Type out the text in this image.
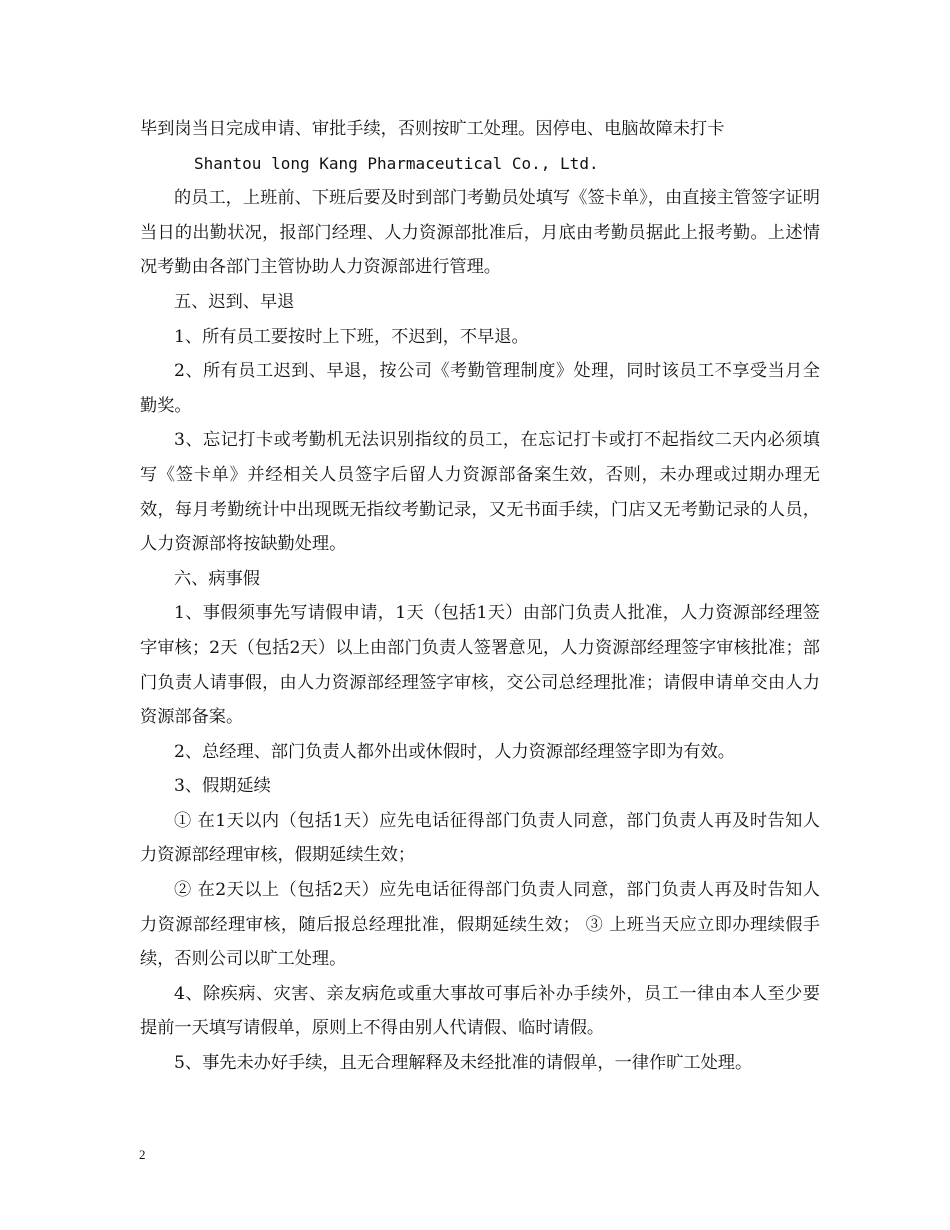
毕到岗当日完成申请、审批手续，否则按旷工处理。因停电、电脑故障未打卡

Shantou long Kang Pharmaceutical Co., Ltd.

的员工，上班前、下班后要及时到部门考勤员处填写《签卡单》，由直接主管签字证明当日的出勤状况，报部门经理、人力资源部批准后，月底由考勤员据此上报考勤。上述情况考勤由各部门主管协助人力资源部进行管理。

五、迟到、早退

1、所有员工要按时上下班，不迟到，不早退。

2、所有员工迟到、早退，按公司《考勤管理制度》处理，同时该员工不享受当月全勤奖。

3、忘记打卡或考勤机无法识别指纹的员工，在忘记打卡或打不起指纹二天内必须填写《签卡单》并经相关人员签字后留人力资源部备案生效，否则，未办理或过期办理无效，每月考勤统计中出现既无指纹考勤记录，又无书面手续，门店又无考勤记录的人员，人力资源部将按缺勤处理。

六、病事假

1、事假须事先写请假申请，1天（包括1天）由部门负责人批准，人力资源部经理签字审核；2天（包括2天）以上由部门负责人签署意见，人力资源部经理签字审核批准；部门负责人请事假，由人力资源部经理签字审核，交公司总经理批准；请假申请单交由人力资源部备案。

2、总经理、部门负责人都外出或休假时，人力资源部经理签字即为有效。

3、假期延续

① 在1天以内（包括1天）应先电话征得部门负责人同意，部门负责人再及时告知人力资源部经理审核，假期延续生效；

② 在2天以上（包括2天）应先电话征得部门负责人同意，部门负责人再及时告知人力资源部经理审核，随后报总经理批准，假期延续生效； ③ 上班当天应立即办理续假手续，否则公司以旷工处理。

4、除疾病、灾害、亲友病危或重大事故可事后补办手续外，员工一律由本人至少要提前一天填写请假单，原则上不得由别人代请假、临时请假。

5、事先未办好手续，且无合理解释及未经批准的请假单，一律作旷工处理。

2
